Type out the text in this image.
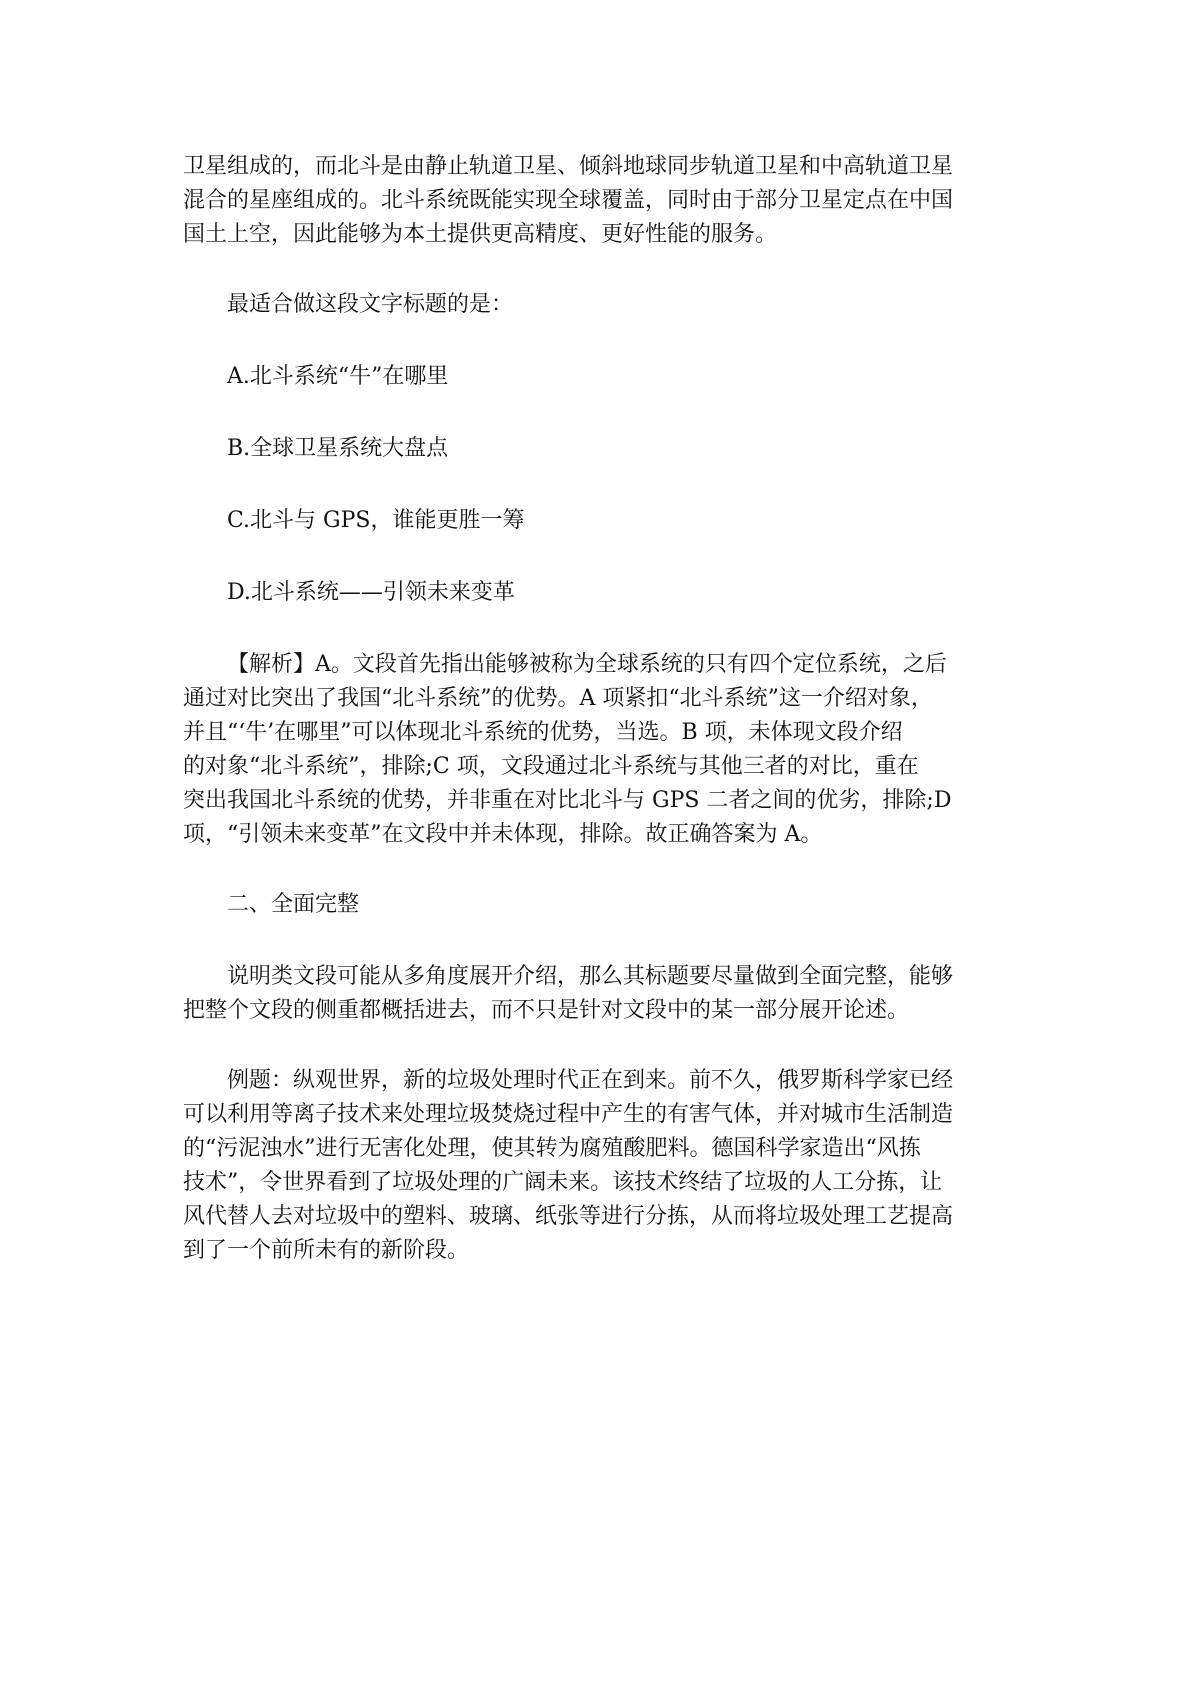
卫星组成的，而北斗是由静止轨道卫星、倾斜地球同步轨道卫星和中高轨道卫星
混合的星座组成的。北斗系统既能实现全球覆盖，同时由于部分卫星定点在中国
国土上空，因此能够为本土提供更高精度、更好性能的服务。

最适合做这段文字标题的是：

A.北斗系统“牛”在哪里

B.全球卫星系统大盘点

C.北斗与 GPS，谁能更胜一筹

D.北斗系统——引领未来变革

【解析】A。文段首先指出能够被称为全球系统的只有四个定位系统，之后
通过对比突出了我国“北斗系统”的优势。A 项紧扣“北斗系统”这一介绍对象，
并且“‘牛’在哪里”可以体现北斗系统的优势，当选。B 项，未体现文段介绍
的对象“北斗系统”，排除;C 项，文段通过北斗系统与其他三者的对比，重在
突出我国北斗系统的优势，并非重在对比北斗与 GPS 二者之间的优劣，排除;D
项，“引领未来变革”在文段中并未体现，排除。故正确答案为 A。

二、全面完整

说明类文段可能从多角度展开介绍，那么其标题要尽量做到全面完整，能够
把整个文段的侧重都概括进去，而不只是针对文段中的某一部分展开论述。

例题：纵观世界，新的垃圾处理时代正在到来。前不久，俄罗斯科学家已经
可以利用等离子技术来处理垃圾焚烧过程中产生的有害气体，并对城市生活制造
的“污泥浊水”进行无害化处理，使其转为腐殖酸肥料。德国科学家造出“风拣
技术”，令世界看到了垃圾处理的广阔未来。该技术终结了垃圾的人工分拣，让
风代替人去对垃圾中的塑料、玻璃、纸张等进行分拣，从而将垃圾处理工艺提高
到了一个前所未有的新阶段。
